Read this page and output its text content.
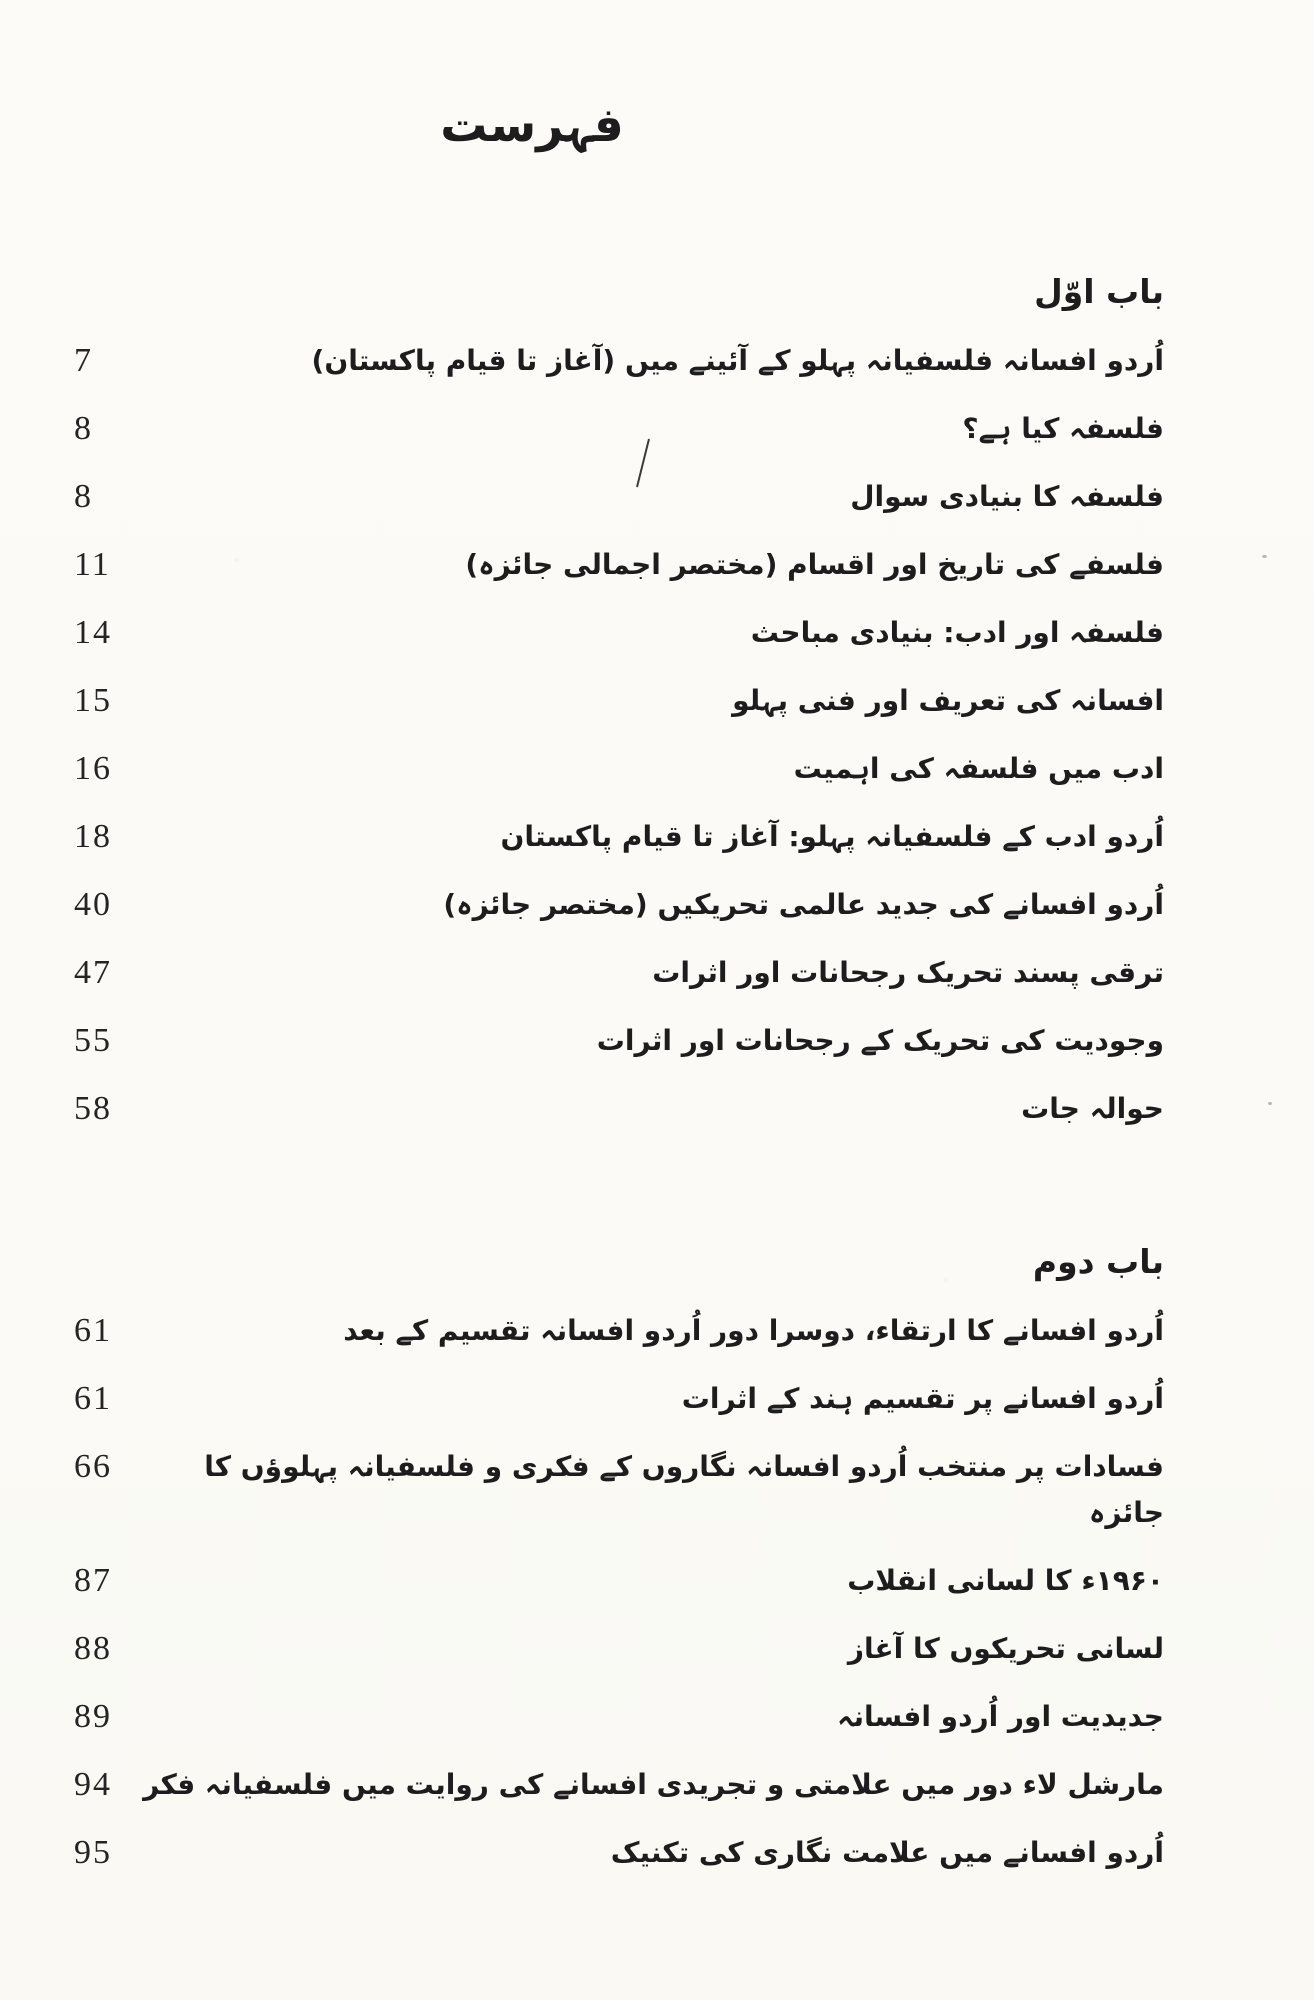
فہرست
باب اوّل
7	اُردو افسانہ فلسفیانہ پہلو کے آئینے میں (آغاز تا قیام پاکستان)
8	فلسفہ کیا ہے؟
8	فلسفہ کا بنیادی سوال
11	فلسفے کی تاریخ اور اقسام (مختصر اجمالی جائزہ)
14	فلسفہ اور ادب: بنیادی مباحث
15	افسانہ کی تعریف اور فنی پہلو
16	ادب میں فلسفہ کی اہمیت
18	اُردو ادب کے فلسفیانہ پہلو: آغاز تا قیام پاکستان
40	اُردو افسانے کی جدید عالمی تحریکیں (مختصر جائزہ)
47	ترقی پسند تحریک رجحانات اور اثرات
55	وجودیت کی تحریک کے رجحانات اور اثرات
58	حوالہ جات
باب دوم
61	اُردو افسانے کا ارتقاء، دوسرا دور اُردو افسانہ تقسیم کے بعد
61	اُردو افسانے پر تقسیم ہند کے اثرات
66	فسادات پر منتخب اُردو افسانہ نگاروں کے فکری و فلسفیانہ پہلوؤں کا جائزہ
87	۱۹۶۰ء کا لسانی انقلاب
88	لسانی تحریکوں کا آغاز
89	جدیدیت اور اُردو افسانہ
94	مارشل لاء دور میں علامتی و تجریدی افسانے کی روایت میں فلسفیانہ فکر
95	اُردو افسانے میں علامت نگاری کی تکنیک
